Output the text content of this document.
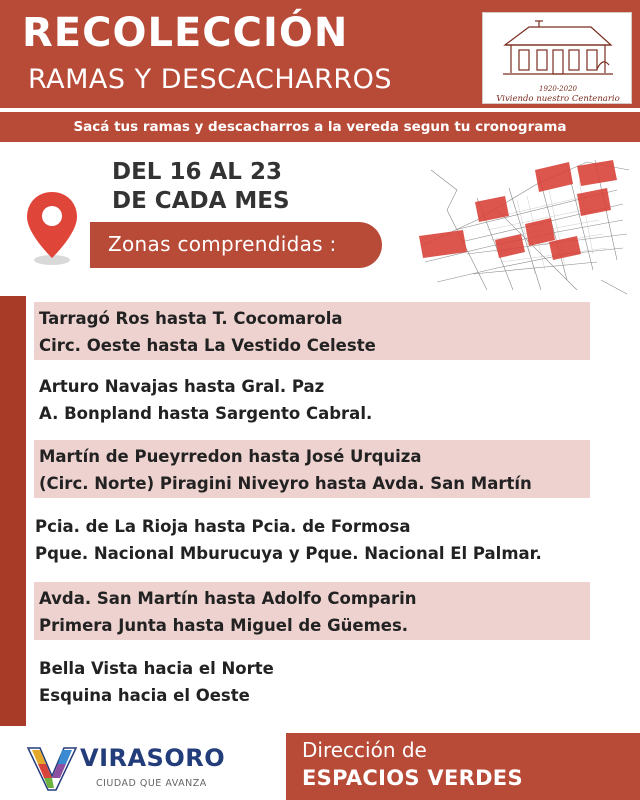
RECOLECCIÓN
RAMAS Y DESCACHARROS	1920-2020
Viviendo nuestro Centenario
Sacá tus ramas y descacharros a la vereda segun tu cronograma
DEL 16 AL 23
DE CADA MES
Zonas comprendidas :
Tarragó Ros hasta T. Cocomarola
Circ. Oeste hasta La Vestido Celeste
Arturo Navajas hasta Gral. Paz
A. Bonpland hasta Sargento Cabral.
Martín de Pueyrredon hasta José Urquiza
(Circ. Norte) Piragini Niveyro hasta Avda. San Martín
Pcia. de La Rioja hasta Pcia. de Formosa
Pque. Nacional Mburucuya y Pque. Nacional El Palmar.
Avda. San Martín hasta Adolfo Comparin
Primera Junta hasta Miguel de Güemes.
Bella Vista hacia el Norte
Esquina hacia el Oeste
VIRASORO
CIUDAD QUE AVANZA
Dirección de
ESPACIOS VERDES
